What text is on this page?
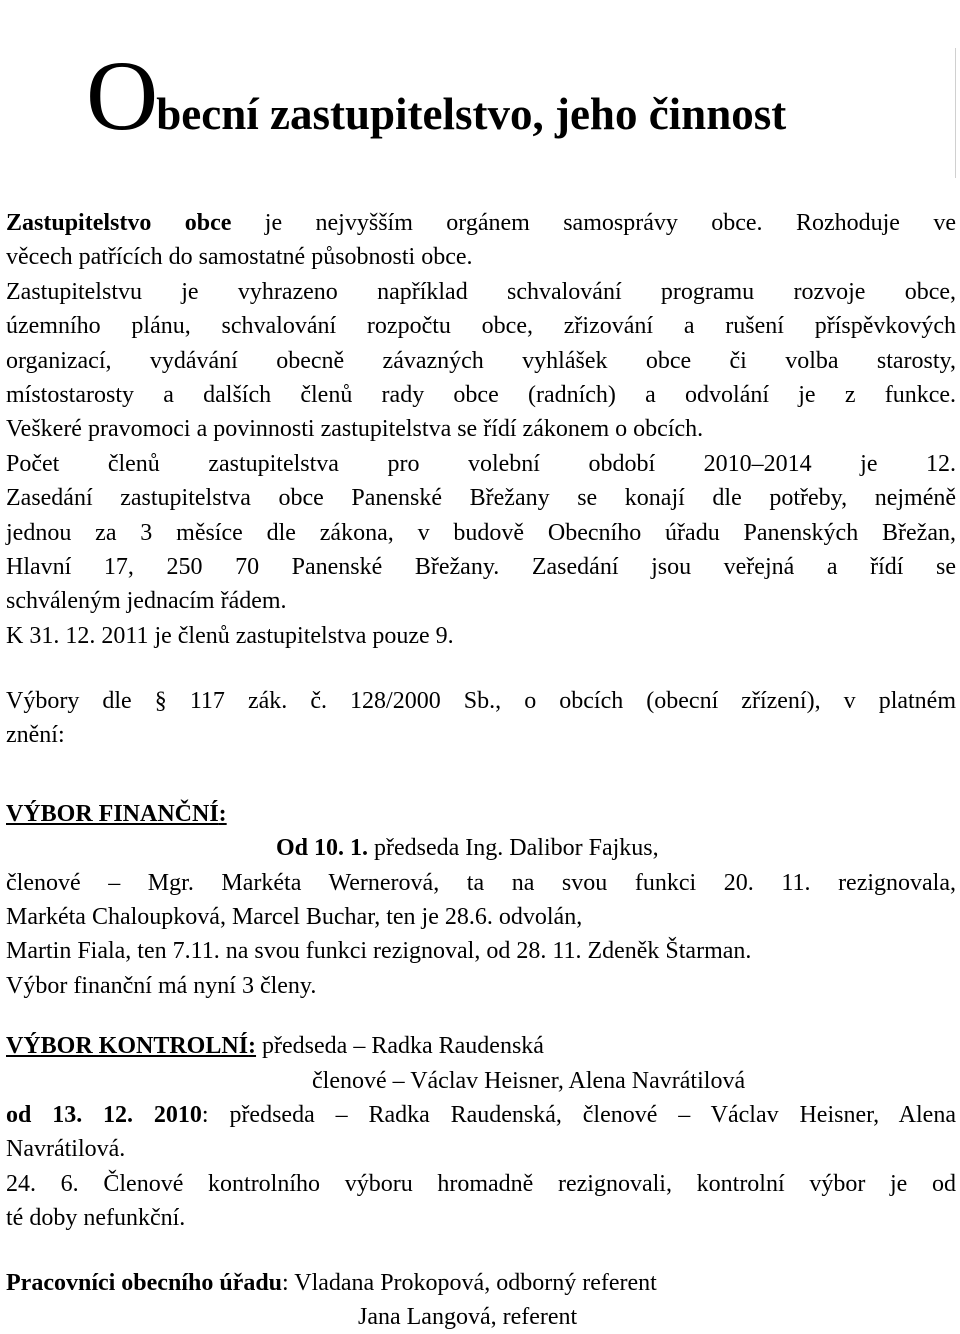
Obecní zastupitelstvo, jeho činnost
Zastupitelstvo obce je nejvyšším orgánem samosprávy obce. Rozhoduje ve
věcech patřících do samostatné působnosti obce.
Zastupitelstvu je vyhrazeno například schvalování programu rozvoje obce,
územního plánu, schvalování rozpočtu obce, zřizování a rušení příspěvkových
organizací, vydávání obecně závazných vyhlášek obce či volba starosty,
místostarosty a dalších členů rady obce (radních) a odvolání je z funkce.
Veškeré pravomoci a povinnosti zastupitelstva se řídí zákonem o obcích.
Počet členů zastupitelstva pro volební období 2010–2014 je 12.
Zasedání zastupitelstva obce Panenské Břežany se konají dle potřeby, nejméně
jednou za 3 měsíce dle zákona, v budově Obecního úřadu Panenských Břežan,
Hlavní 17, 250 70 Panenské Břežany. Zasedání jsou veřejná a řídí se
schváleným jednacím řádem.
K 31. 12. 2011 je členů zastupitelstva pouze 9.
Výbory dle § 117 zák. č. 128/2000 Sb., o obcích (obecní zřízení), v platném
znění:
VÝBOR FINANČNÍ:
Od 10. 1. předseda Ing. Dalibor Fajkus,
členové – Mgr. Markéta Wernerová, ta na svou funkci 20. 11. rezignovala,
Markéta Chaloupková, Marcel Buchar, ten je 28.6. odvolán,
Martin Fiala, ten 7.11. na svou funkci rezignoval, od 28. 11. Zdeněk Štarman.
Výbor finanční má nyní 3 členy.
VÝBOR KONTROLNÍ: předseda – Radka Raudenská
členové – Václav Heisner, Alena Navrátilová
od 13. 12. 2010: předseda – Radka Raudenská, členové – Václav Heisner, Alena
Navrátilová.
24. 6. Členové kontrolního výboru hromadně rezignovali, kontrolní výbor je od
té doby nefunkční.
Pracovníci obecního úřadu: Vladana Prokopová, odborný referent
Jana Langová, referent
